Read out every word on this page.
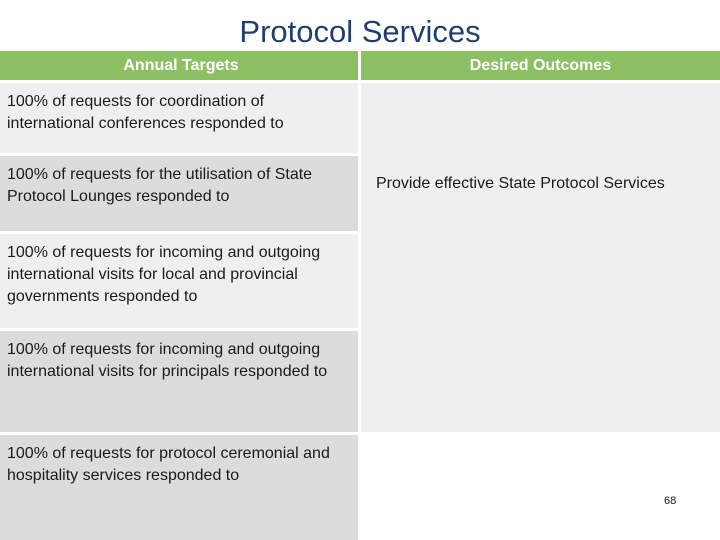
Protocol Services
Annual Targets	Desired Outcomes
100% of requests for coordination of international conferences responded to
100% of requests for the utilisation of State Protocol Lounges responded to
100% of requests for incoming and outgoing international visits for local and provincial governments responded to
100% of requests for incoming and outgoing international visits for principals responded to
100% of requests for protocol ceremonial and hospitality services responded to
Provide effective State Protocol Services
68
